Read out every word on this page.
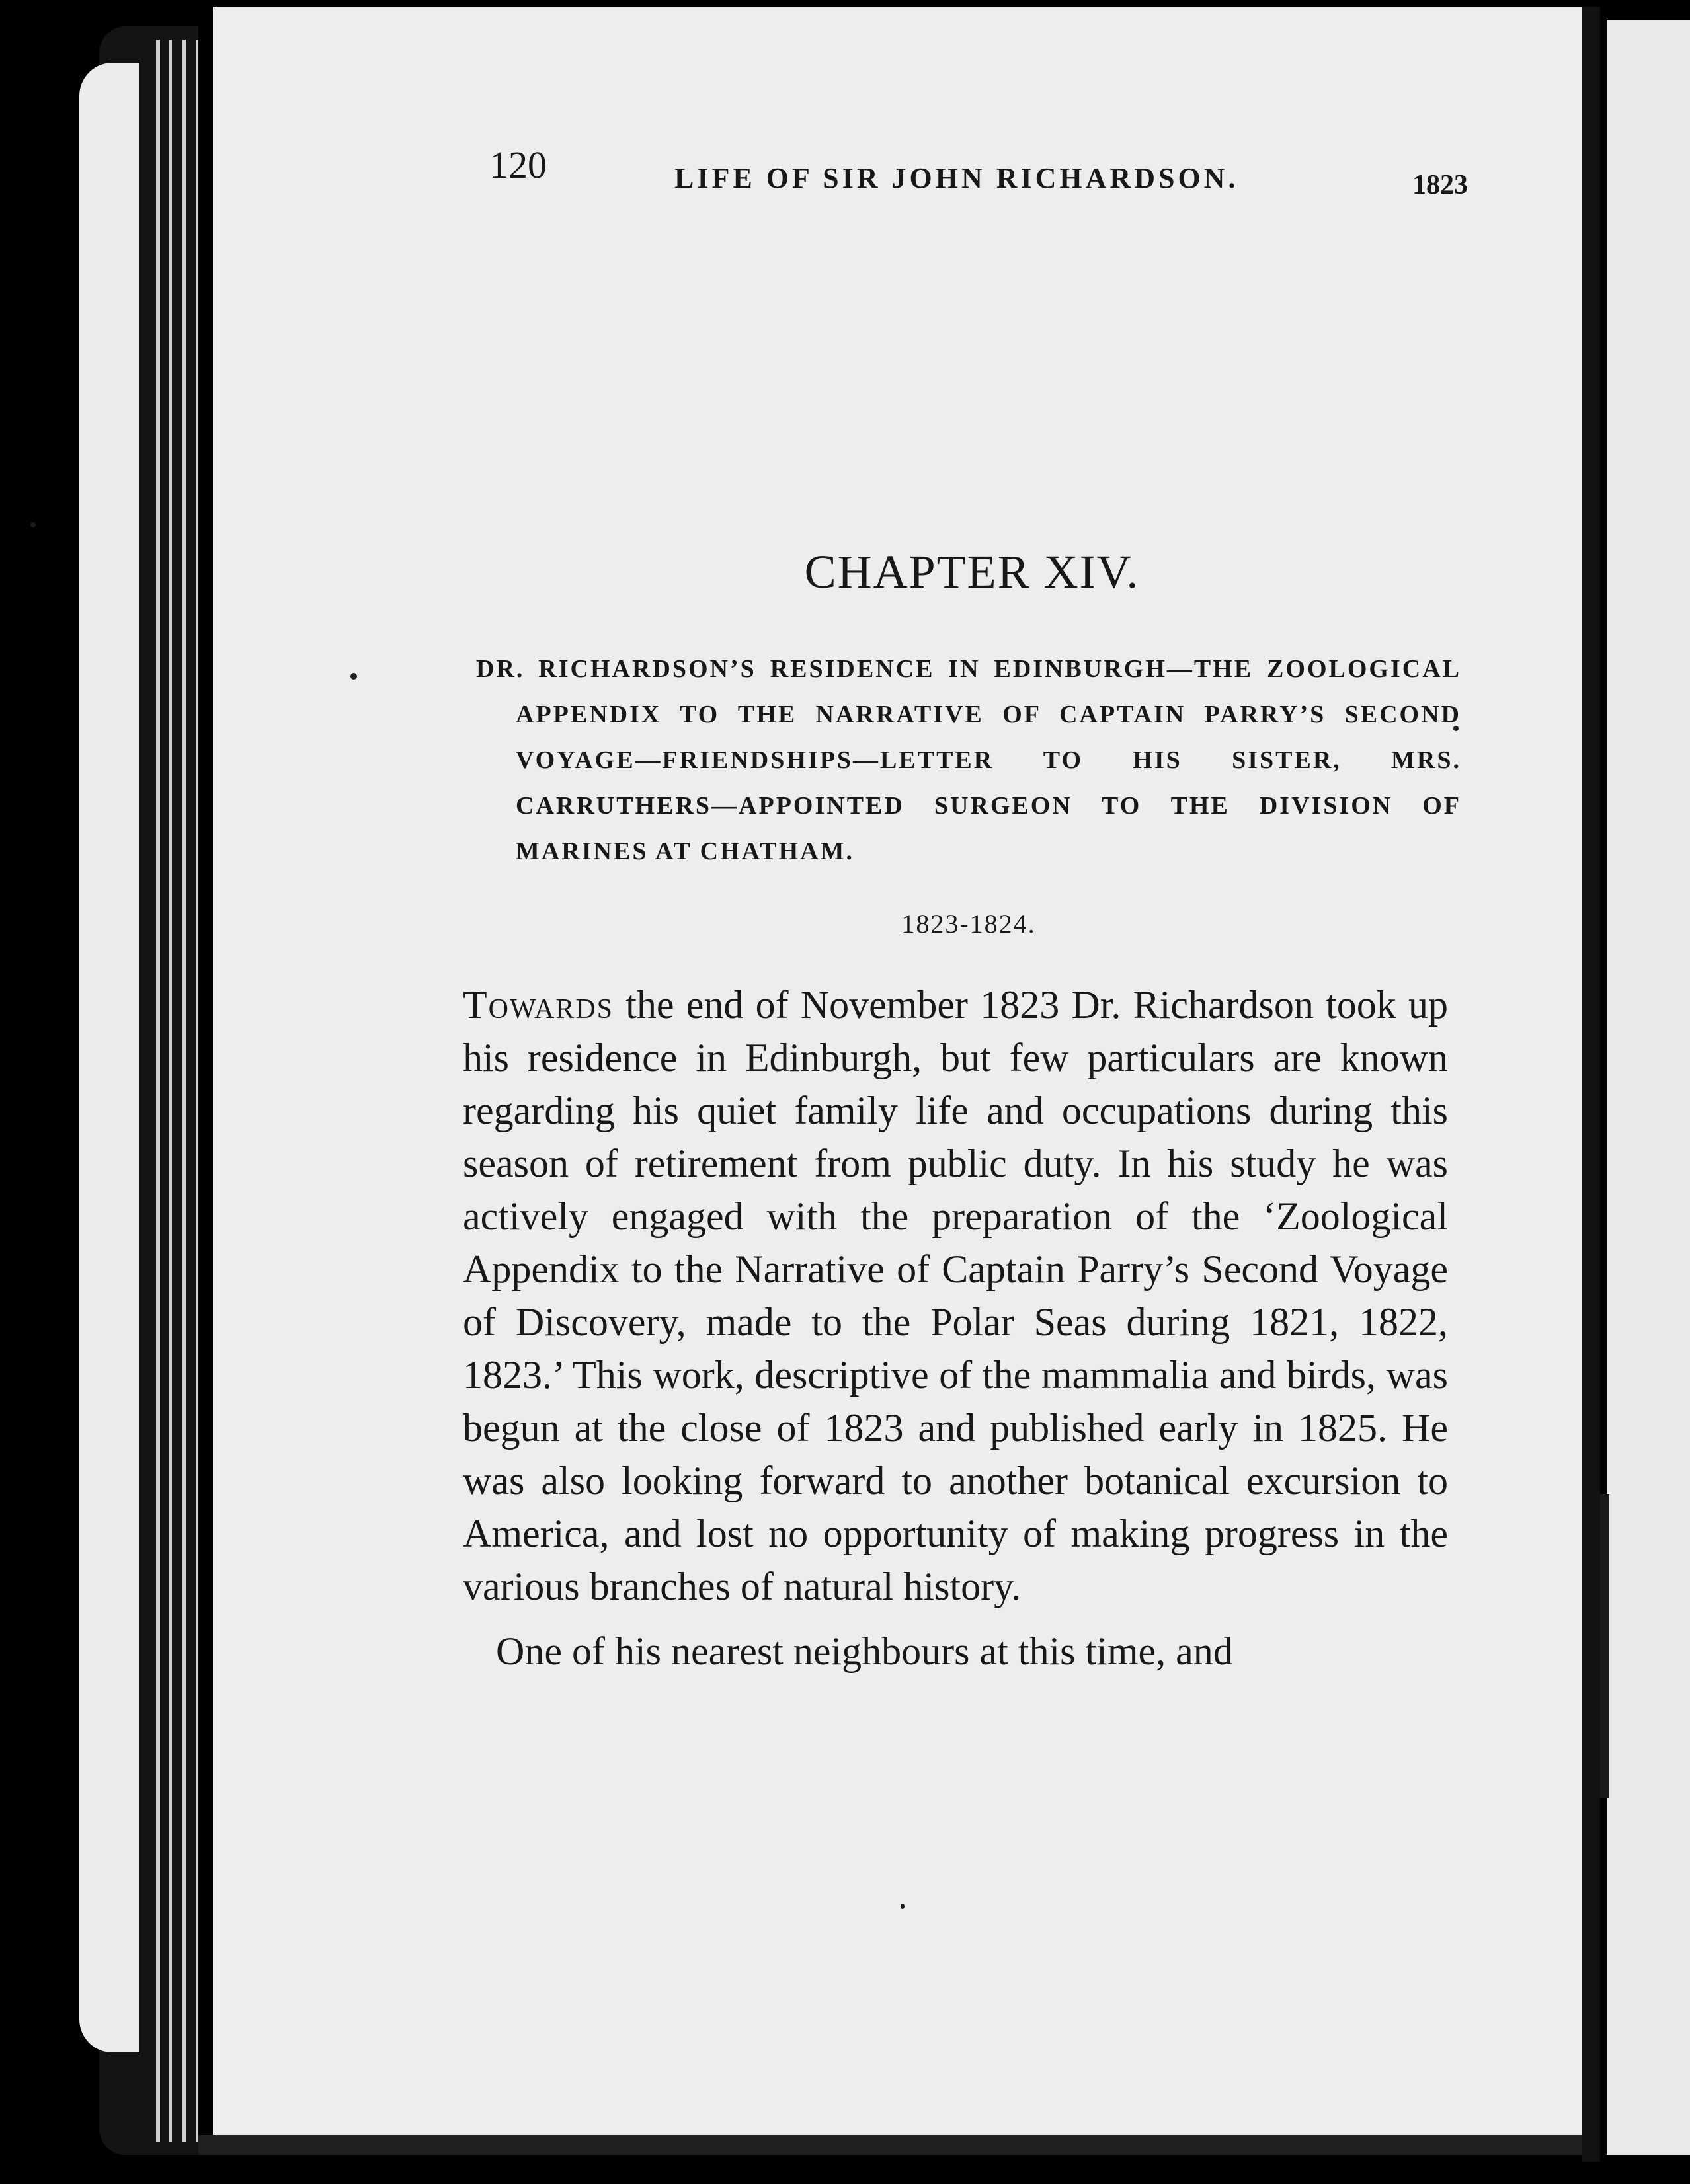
120	LIFE OF SIR JOHN RICHARDSON.	1823
CHAPTER XIV.
DR. RICHARDSON’S RESIDENCE IN EDINBURGH—THE ZOOLOGICAL APPENDIX TO THE NARRATIVE OF CAPTAIN PARRY’S SECOND VOYAGE—FRIENDSHIPS—LETTER TO HIS SISTER, MRS. CARRUTHERS—APPOINTED SURGEON TO THE DIVISION OF MARINES AT CHATHAM.
1823-1824.

Towards the end of November 1823 Dr. Richardson took up his residence in Edinburgh, but few particulars are known regarding his quiet family life and occupations during this season of retirement from public duty. In his study he was actively engaged with the preparation of the ‘Zoological Appendix to the Narrative of Captain Parry’s Second Voyage of Discovery, made to the Polar Seas during 1821, 1822, 1823.’ This work, descriptive of the mammalia and birds, was begun at the close of 1823 and published early in 1825. He was also looking forward to another botanical excursion to America, and lost no opportunity of making progress in the various branches of natural history.

One of his nearest neighbours at this time, and
